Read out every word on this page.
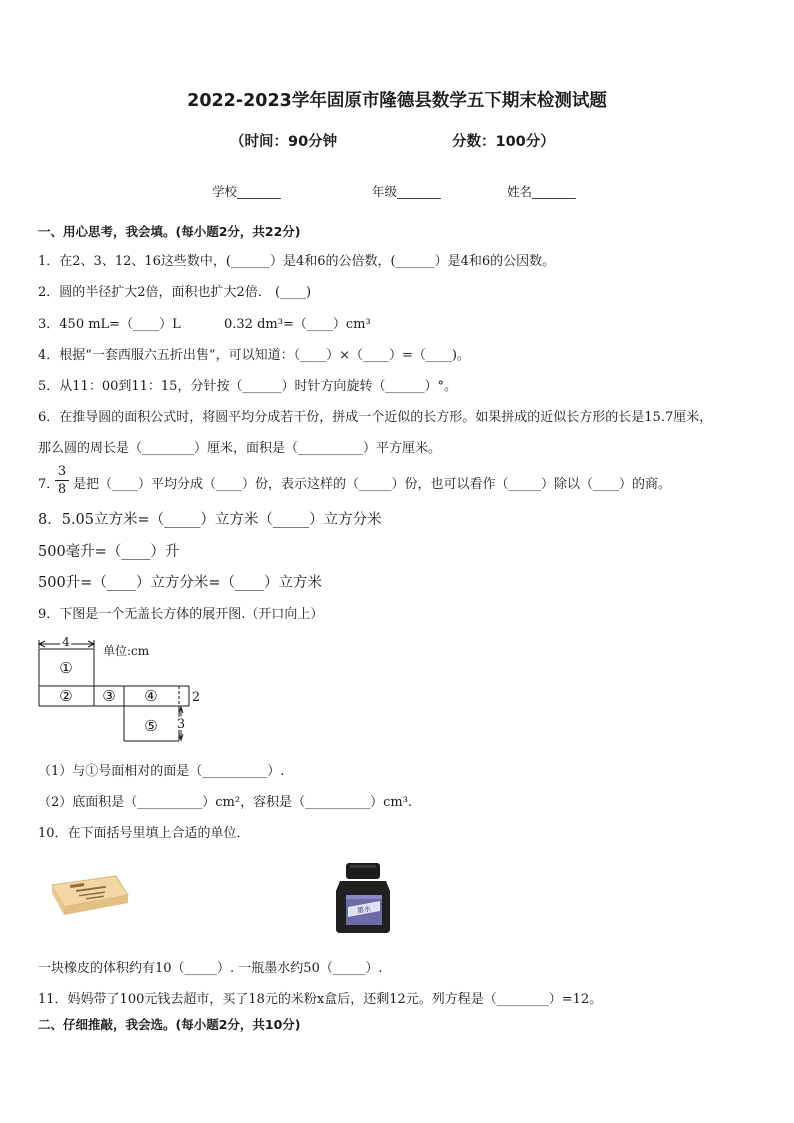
2022-2023学年固原市隆德县数学五下期末检测试题
（时间：90分钟	分数：100分）
学校_______	年级_______	姓名_______
一、用心思考，我会填。(每小题2分，共22分)
1．在2、3、12、16这些数中，(______）是4和6的公倍数，(______）是4和6的公因数。
2．圆的半径扩大2倍，面积也扩大2倍． (____)
3．450 mL=（____）L	0.32 dm³=（____）cm³
4．根据“一套西服六五折出售”，可以知道：（____）×（____）=（____)。
5．从11：00到11：15，分针按（______）时针方向旋转（______）°。
6．在推导圆的面积公式时，将圆平均分成若干份，拼成一个近似的长方形。如果拼成的近似长方形的长是15.7厘米，
那么圆的周长是（________）厘米，面积是（__________）平方厘米。
7．
$\frac{3}{8}$ 是把（____）平均分成（____）份，表示这样的（_____）份，也可以看作（_____）除以（____）的商。
8．5.05立方米=（_____）立方米（_____）立方分米
500毫升=（____）升
500升=（____）立方分米=（____）立方米
9．下图是一个无盖长方体的展开图.（开口向上）
4
单位:cm
①
② ③ ④
⑤
2
3
（1）与①号面相对的面是（__________）.
（2）底面积是（__________）cm²，容积是（__________）cm³.
10．在下面括号里填上合适的单位．
墨水
一块橡皮的体积约有10（_____）. 一瓶墨水约50（_____）.
11．妈妈带了100元钱去超市，买了18元的米粉x盒后，还剩12元。列方程是（________）=12。
二、仔细推敲，我会选。(每小题2分，共10分)
